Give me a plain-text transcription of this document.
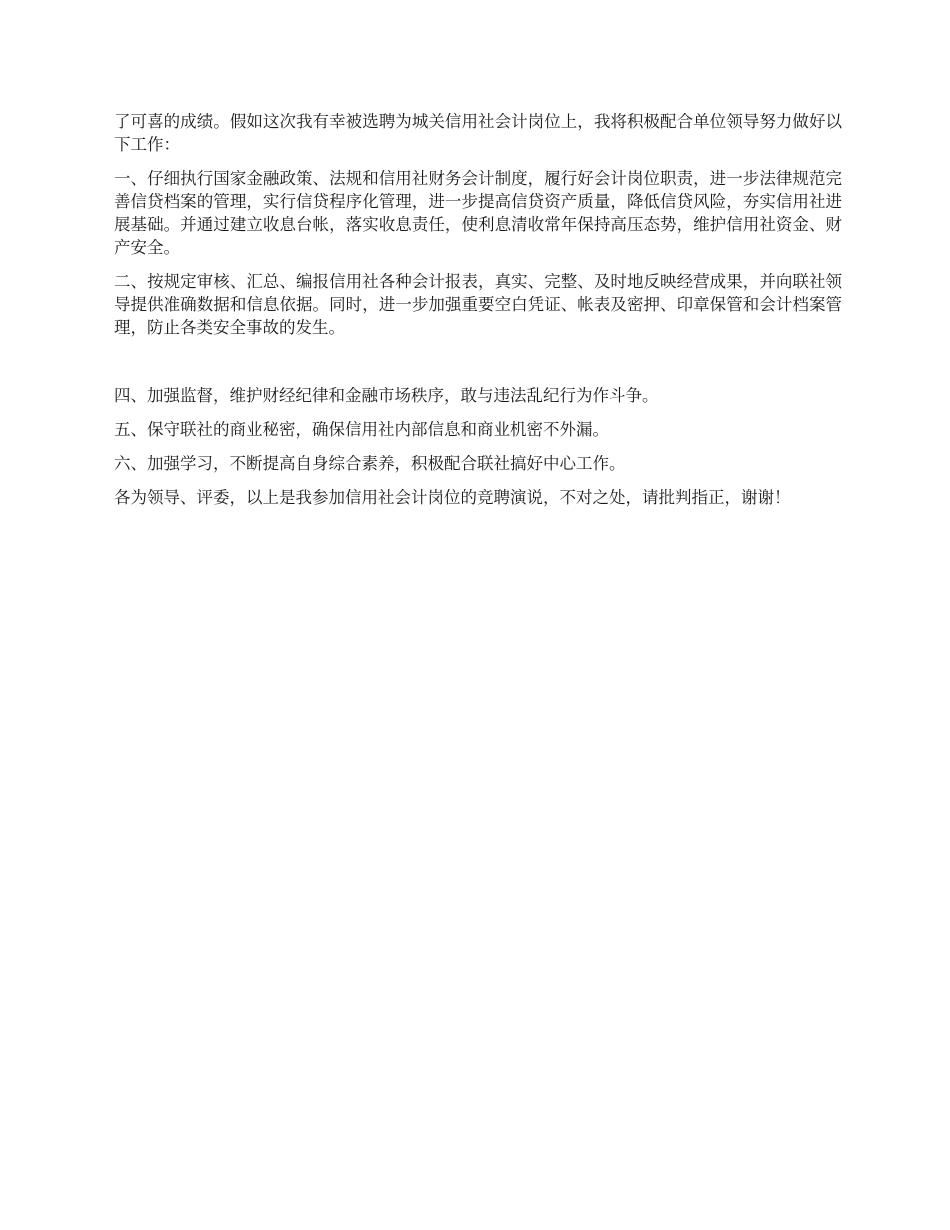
了可喜的成绩。假如这次我有幸被选聘为城关信用社会计岗位上，我将积极配合单位领导努力做好以下工作：

一、仔细执行国家金融政策、法规和信用社财务会计制度，履行好会计岗位职责，进一步法律规范完善信贷档案的管理，实行信贷程序化管理，进一步提高信贷资产质量，降低信贷风险，夯实信用社进展基础。并通过建立收息台帐，落实收息责任，使利息清收常年保持高压态势，维护信用社资金、财产安全。

二、按规定审核、汇总、编报信用社各种会计报表，真实、完整、及时地反映经营成果，并向联社领导提供准确数据和信息依据。同时，进一步加强重要空白凭证、帐表及密押、印章保管和会计档案管理，防止各类安全事故的发生。

四、加强监督，维护财经纪律和金融市场秩序，敢与违法乱纪行为作斗争。

五、保守联社的商业秘密，确保信用社内部信息和商业机密不外漏。

六、加强学习，不断提高自身综合素养，积极配合联社搞好中心工作。

各为领导、评委，以上是我参加信用社会计岗位的竞聘演说，不对之处，请批判指正，谢谢！
